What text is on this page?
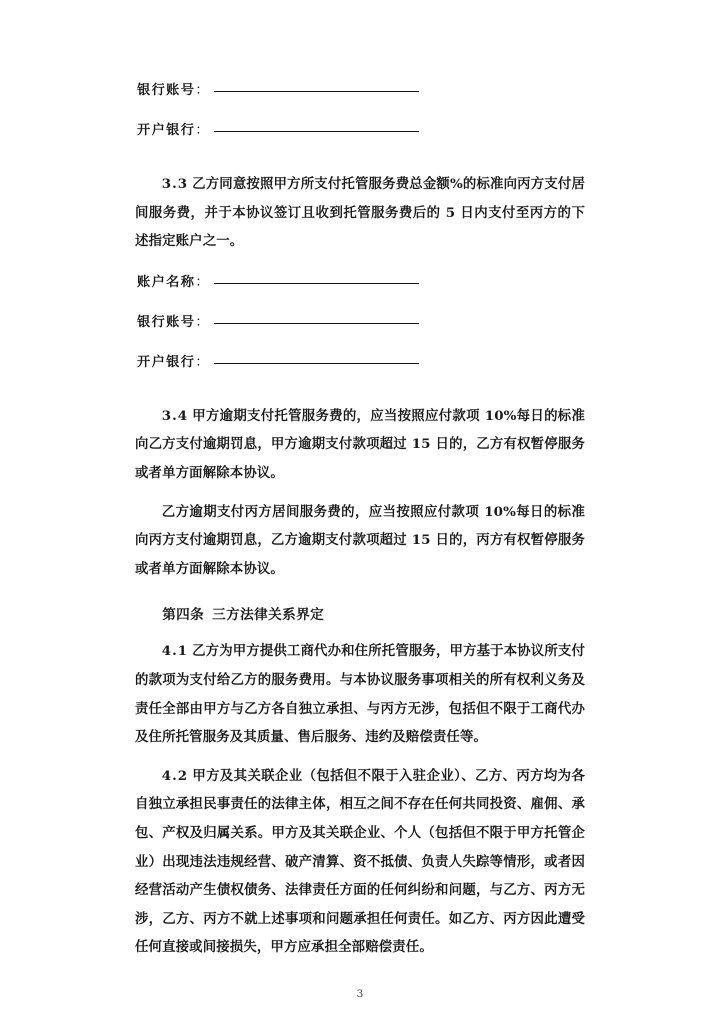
银行账号：
开户银行：

3.3 乙方同意按照甲方所支付托管服务费总金额%的标准向丙方支付居间服务费，并于本协议签订且收到托管服务费后的 5 日内支付至丙方的下述指定账户之一。

账户名称：
银行账号：
开户银行：

3.4 甲方逾期支付托管服务费的，应当按照应付款项 10%每日的标准向乙方支付逾期罚息，甲方逾期支付款项超过 15 日的，乙方有权暂停服务或者单方面解除本协议。

乙方逾期支付丙方居间服务费的，应当按照应付款项 10%每日的标准向丙方支付逾期罚息，乙方逾期支付款项超过 15 日的，丙方有权暂停服务或者单方面解除本协议。

第四条 三方法律关系界定

4.1 乙方为甲方提供工商代办和住所托管服务，甲方基于本协议所支付的款项为支付给乙方的服务费用。与本协议服务事项相关的所有权利义务及责任全部由甲方与乙方各自独立承担、与丙方无涉，包括但不限于工商代办及住所托管服务及其质量、售后服务、违约及赔偿责任等。

4.2 甲方及其关联企业（包括但不限于入驻企业）、乙方、丙方均为各自独立承担民事责任的法律主体，相互之间不存在任何共同投资、雇佣、承包、产权及归属关系。甲方及其关联企业、个人（包括但不限于甲方托管企业）出现违法违规经营、破产清算、资不抵债、负责人失踪等情形，或者因经营活动产生债权债务、法律责任方面的任何纠纷和问题，与乙方、丙方无涉，乙方、丙方不就上述事项和问题承担任何责任。如乙方、丙方因此遭受任何直接或间接损失，甲方应承担全部赔偿责任。

3
